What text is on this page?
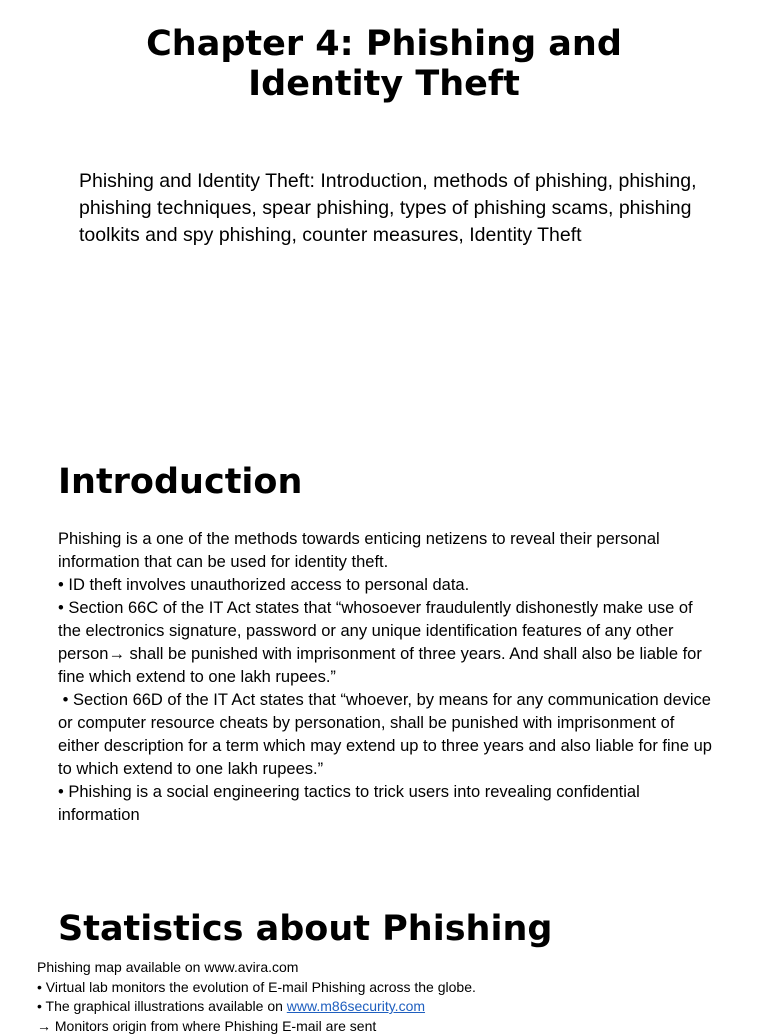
Chapter 4: Phishing and
Identity Theft

Phishing and Identity Theft: Introduction, methods of phishing, phishing, phishing techniques, spear phishing, types of phishing scams, phishing toolkits and spy phishing, counter measures, Identity Theft

Introduction

Phishing is a one of the methods towards enticing netizens to reveal their personal information that can be used for identity theft.

• ID theft involves unauthorized access to personal data.

• Section 66C of the IT Act states that “whosoever fraudulently dishonestly make use of the electronics signature, password or any unique identification features of any other person→ shall be punished with imprisonment of three years. And shall also be liable for fine which extend to one lakh rupees.”

• Section 66D of the IT Act states that “whoever, by means for any communication device or computer resource cheats by personation, shall be punished with imprisonment of either description for a term which may extend up to three years and also liable for fine up to which extend to one lakh rupees.”

• Phishing is a social engineering tactics to trick users into revealing confidential information

Statistics about Phishing

Phishing map available on www.avira.com

• Virtual lab monitors the evolution of E-mail Phishing across the globe.

• The graphical illustrations available on www.m86security.com

→ Monitors origin from where Phishing E-mail are sent
